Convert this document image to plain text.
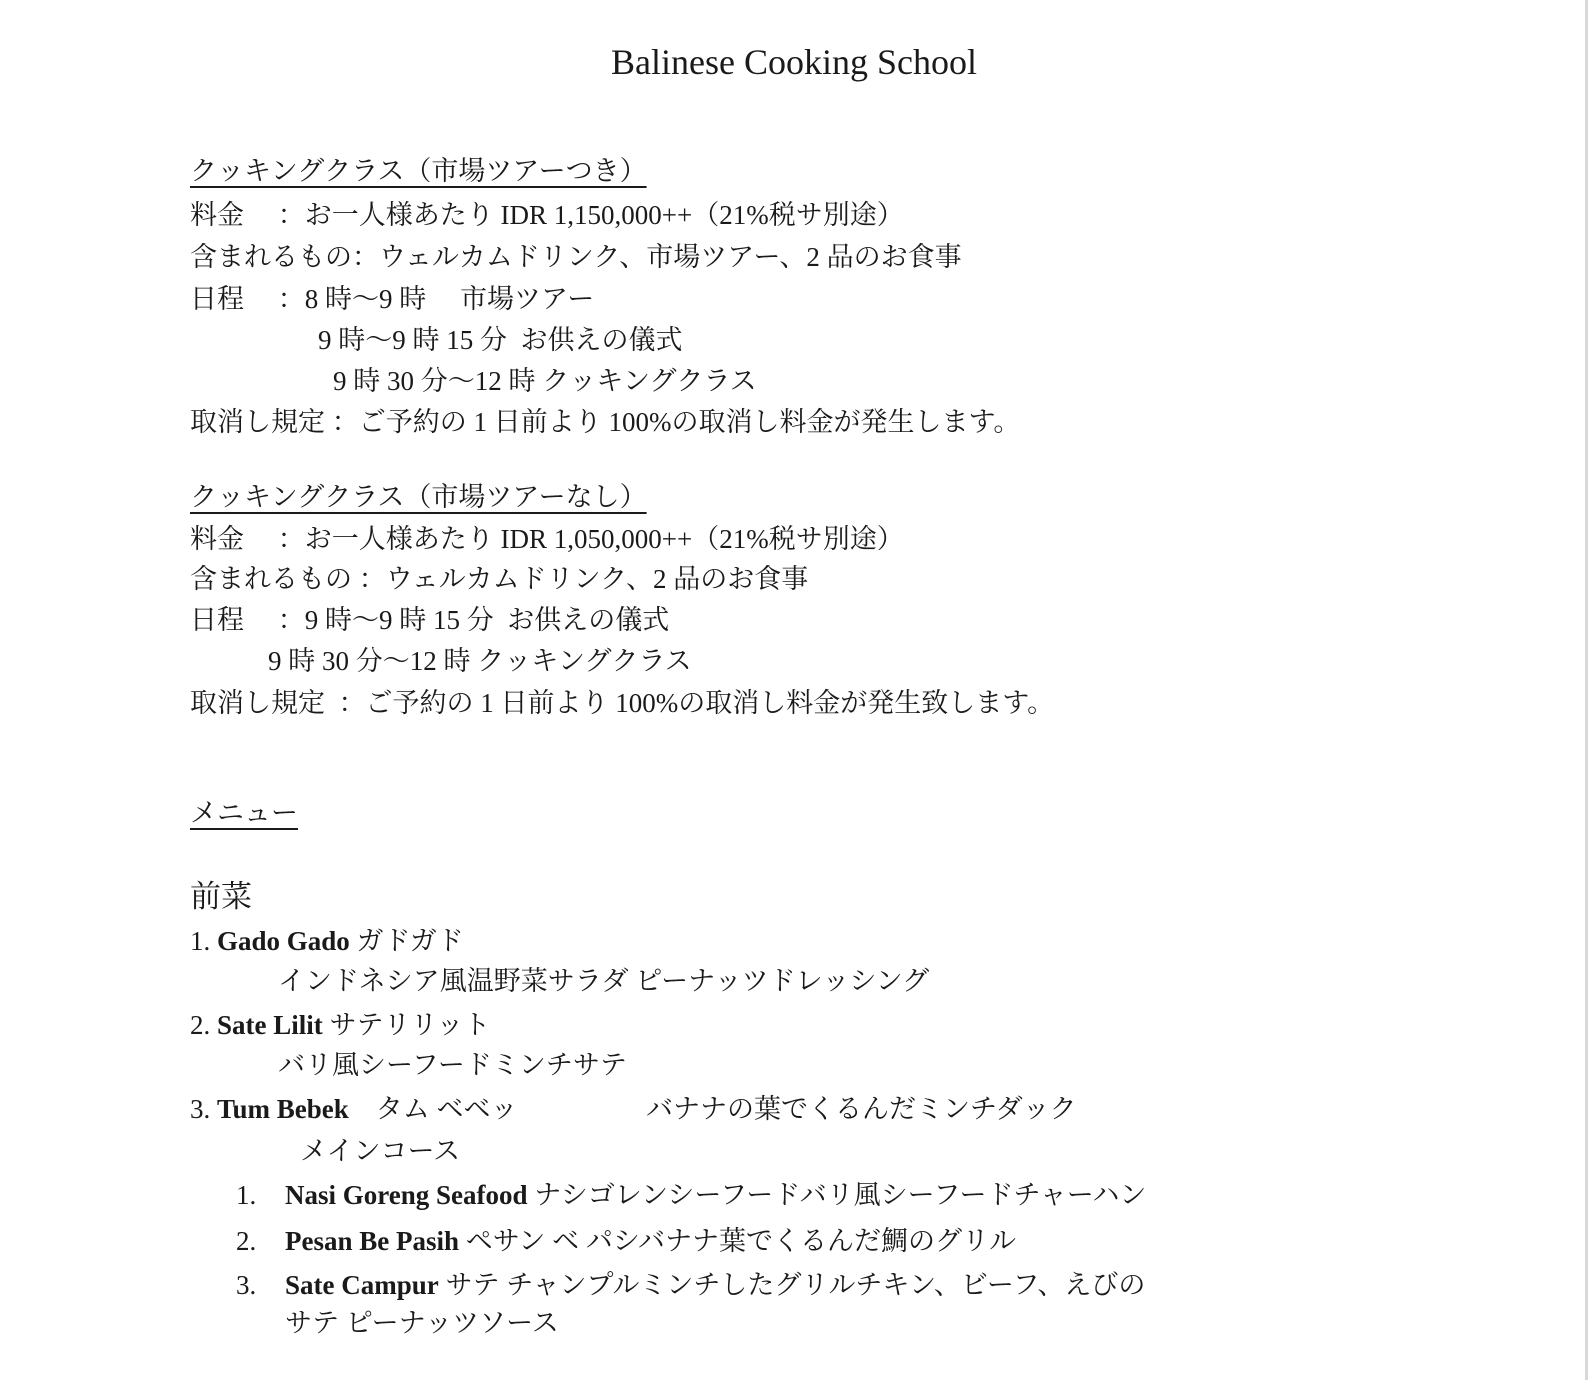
Balinese Cooking School
クッキングクラス（市場ツアーつき）
料金　 ：お一人様あたり IDR 1,150,000++（21%税サ別途）
含まれるもの：ウェルカムドリンク、市場ツアー、2 品のお食事
日程　 ：8 時〜9 時　 市場ツアー
9 時〜9 時 15 分  お供えの儀式
9 時 30 分〜12 時 クッキングクラス
取消し規定 ：ご予約の 1 日前より 100%の取消し料金が発生します。
クッキングクラス（市場ツアーなし）
料金　 ：お一人様あたり IDR 1,050,000++（21%税サ別途）
含まれるもの ：ウェルカムドリンク、2 品のお食事
日程　 ：9 時〜9 時 15 分  お供えの儀式
9 時 30 分〜12 時 クッキングクラス
取消し規定  ：ご予約の 1 日前より 100%の取消し料金が発生致します。
メニュー
前菜
1. Gado Gado ガドガド
インドネシア風温野菜サラダ ピーナッツドレッシング
2. Sate Lilit サテリリット
バリ風シーフードミンチサテ
3. Tum Bebek タム ベベッ	バナナの葉でくるんだミンチダック
メインコース
1. Nasi Goreng Seafood ナシゴレンシーフードバリ風シーフードチャーハン
2. Pesan Be Pasih ペサン ベ パシバナナ葉でくるんだ鯛のグリル
3. Sate Campur サテ チャンプルミンチしたグリルチキン、ビーフ、えびの
サテ ピーナッツソース
